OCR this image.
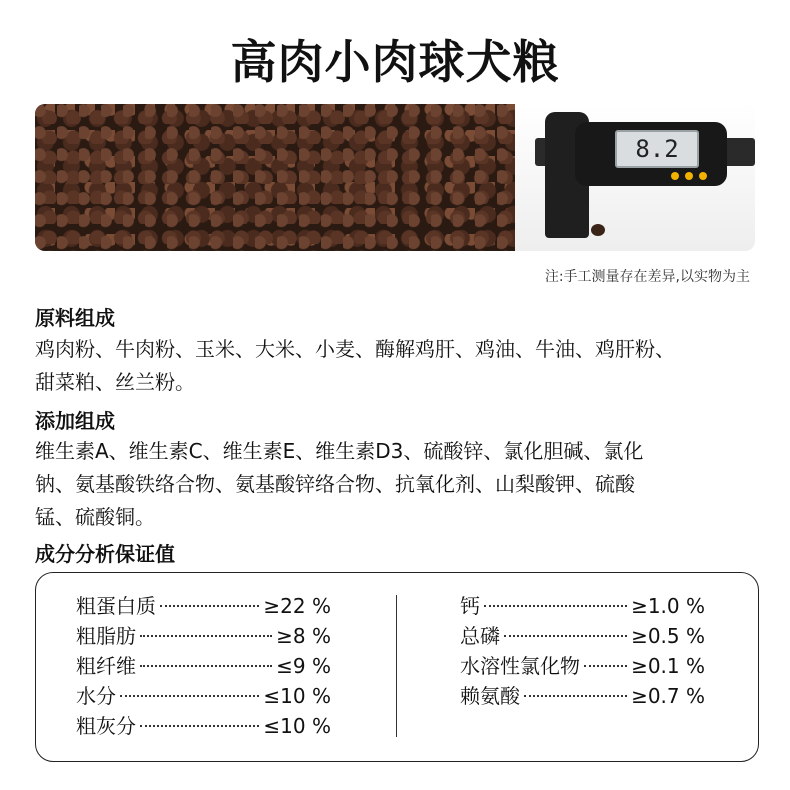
高肉小肉球犬粮
8.2
注:手工测量存在差异,以实物为主
原料组成
鸡肉粉、牛肉粉、玉米、大米、小麦、酶解鸡肝、鸡油、牛油、鸡肝粉、
甜菜粕、丝兰粉。
添加组成
维生素A、维生素C、维生素E、维生素D3、硫酸锌、氯化胆碱、氯化
钠、氨基酸铁络合物、氨基酸锌络合物、抗氧化剂、山梨酸钾、硫酸
锰、硫酸铜。
成分分析保证值
粗蛋白质	≥22 %
粗脂肪	≥8 %
粗纤维	≤9 %
水分	≤10 %
粗灰分	≤10 %
钙	≥1.0 %
总磷	≥0.5 %
水溶性氯化物	≥0.1 %
赖氨酸	≥0.7 %
